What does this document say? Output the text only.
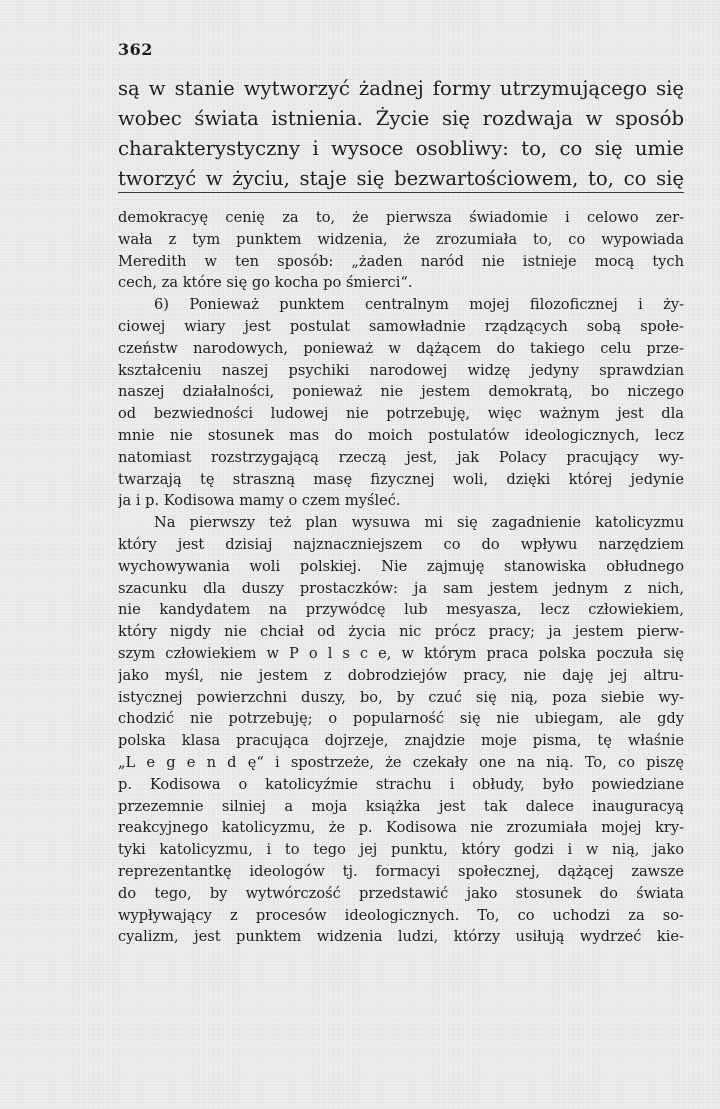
362
są w stanie wytworzyć żadnej formy utrzymującego się
wobec świata istnienia. Życie się rozdwaja w sposób
charakterystyczny i wysoce osobliwy: to, co się umie
tworzyć w życiu, staje się bezwartościowem, to, co się
demokracyę cenię za to, że pierwsza świadomie i celowo zer-
wała z tym punktem widzenia, że zrozumiała to, co wypowiada
Meredith w ten sposób: „żaden naród nie istnieje mocą tych
cech, za które się go kocha po śmierci“.
6) Ponieważ punktem centralnym mojej filozoficznej i ży-
ciowej wiary jest postulat samowładnie rządzących sobą społe-
czeństw narodowych, ponieważ w dążącem do takiego celu prze-
kształceniu naszej psychiki narodowej widzę jedyny sprawdzian
naszej działalności, ponieważ nie jestem demokratą, bo niczego
od bezwiedności ludowej nie potrzebuję, więc ważnym jest dla
mnie nie stosunek mas do moich postulatów ideologicznych, lecz
natomiast rozstrzygającą rzeczą jest, jak Polacy pracujący wy-
twarzają tę straszną masę fizycznej woli, dzięki której jedynie
ja i p. Kodisowa mamy o czem myśleć.
Na pierwszy też plan wysuwa mi się zagadnienie katolicyzmu
który jest dzisiaj najznaczniejszem co do wpływu narzędziem
wychowywania woli polskiej. Nie zajmuję stanowiska obłudnego
szacunku dla duszy prostaczków: ja sam jestem jednym z nich,
nie kandydatem na przywódcę lub mesyasza, lecz człowiekiem,
który nigdy nie chciał od życia nic prócz pracy; ja jestem pierw-
szym człowiekiem w P o l s c e, w którym praca polska poczuła się
jako myśl, nie jestem z dobrodziejów pracy, nie daję jej altru-
istycznej powierzchni duszy, bo, by czuć się nią, poza siebie wy-
chodzić nie potrzebuję; o popularność się nie ubiegam, ale gdy
polska klasa pracująca dojrzeje, znajdzie moje pisma, tę właśnie
„L e g e n d ę“ i spostrzeże, że czekały one na nią. To, co piszę
p. Kodisowa o katolicyźmie strachu i obłudy, było powiedziane
przezemnie silniej a moja książka jest tak dalece inauguracyą
reakcyjnego katolicyzmu, że p. Kodisowa nie zrozumiała mojej kry-
tyki katolicyzmu, i to tego jej punktu, który godzi i w nią, jako
reprezentantkę ideologów tj. formacyi społecznej, dążącej zawsze
do tego, by wytwórczość przedstawić jako stosunek do świata
wypływający z procesów ideologicznych. To, co uchodzi za so-
cyalizm, jest punktem widzenia ludzi, którzy usiłują wydrzeć kie-
